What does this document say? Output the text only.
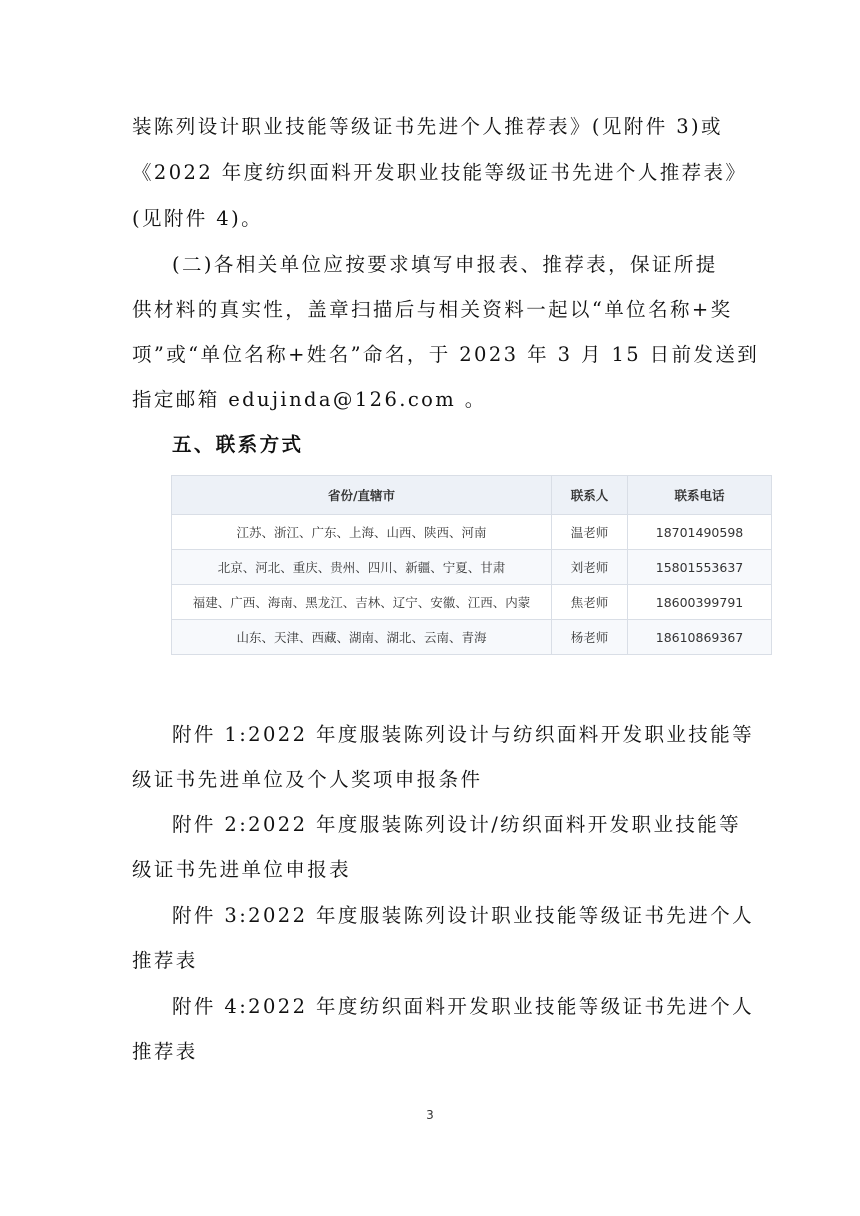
装陈列设计职业技能等级证书先进个人推荐表》(见附件 3)或

《2022 年度纺织面料开发职业技能等级证书先进个人推荐表》

(见附件 4)。

(二)各相关单位应按要求填写申报表、推荐表，保证所提

供材料的真实性，盖章扫描后与相关资料一起以“单位名称+奖

项”或“单位名称+姓名”命名，于 2023 年 3 月 15 日前发送到

指定邮箱 edujinda@126.com 。

五、联系方式
省份/直辖市	联系人	联系电话
江苏、浙江、广东、上海、山西、陕西、河南	温老师	18701490598
北京、河北、重庆、贵州、四川、新疆、宁夏、甘肃	刘老师	15801553637
福建、广西、海南、黑龙江、吉林、辽宁、安徽、江西、内蒙	焦老师	18600399791
山东、天津、西藏、湖南、湖北、云南、青海	杨老师	18610869367

附件 1:2022 年度服装陈列设计与纺织面料开发职业技能等

级证书先进单位及个人奖项申报条件

附件 2:2022 年度服装陈列设计/纺织面料开发职业技能等

级证书先进单位申报表

附件 3:2022 年度服装陈列设计职业技能等级证书先进个人

推荐表

附件 4:2022 年度纺织面料开发职业技能等级证书先进个人

推荐表

3
